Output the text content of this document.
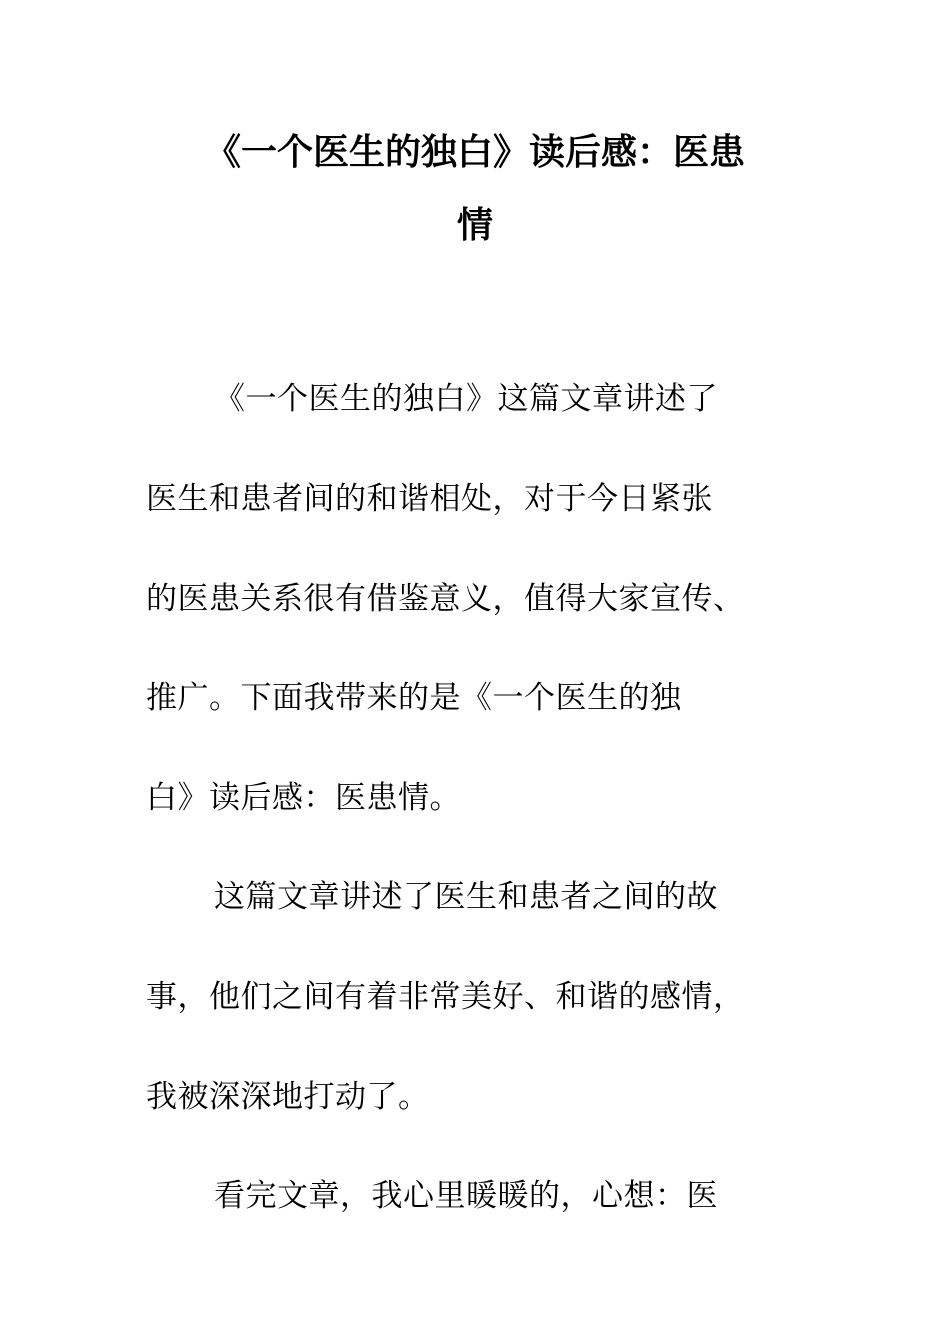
《一个医生的独白》读后感：医患
情
《一个医生的独白》这篇文章讲述了
医生和患者间的和谐相处，对于今日紧张
的医患关系很有借鉴意义，值得大家宣传、
推广。下面我带来的是《一个医生的独
白》读后感：医患情。
这篇文章讲述了医生和患者之间的故
事，他们之间有着非常美好、和谐的感情，
我被深深地打动了。
看完文章，我心里暖暖的，心想：医
